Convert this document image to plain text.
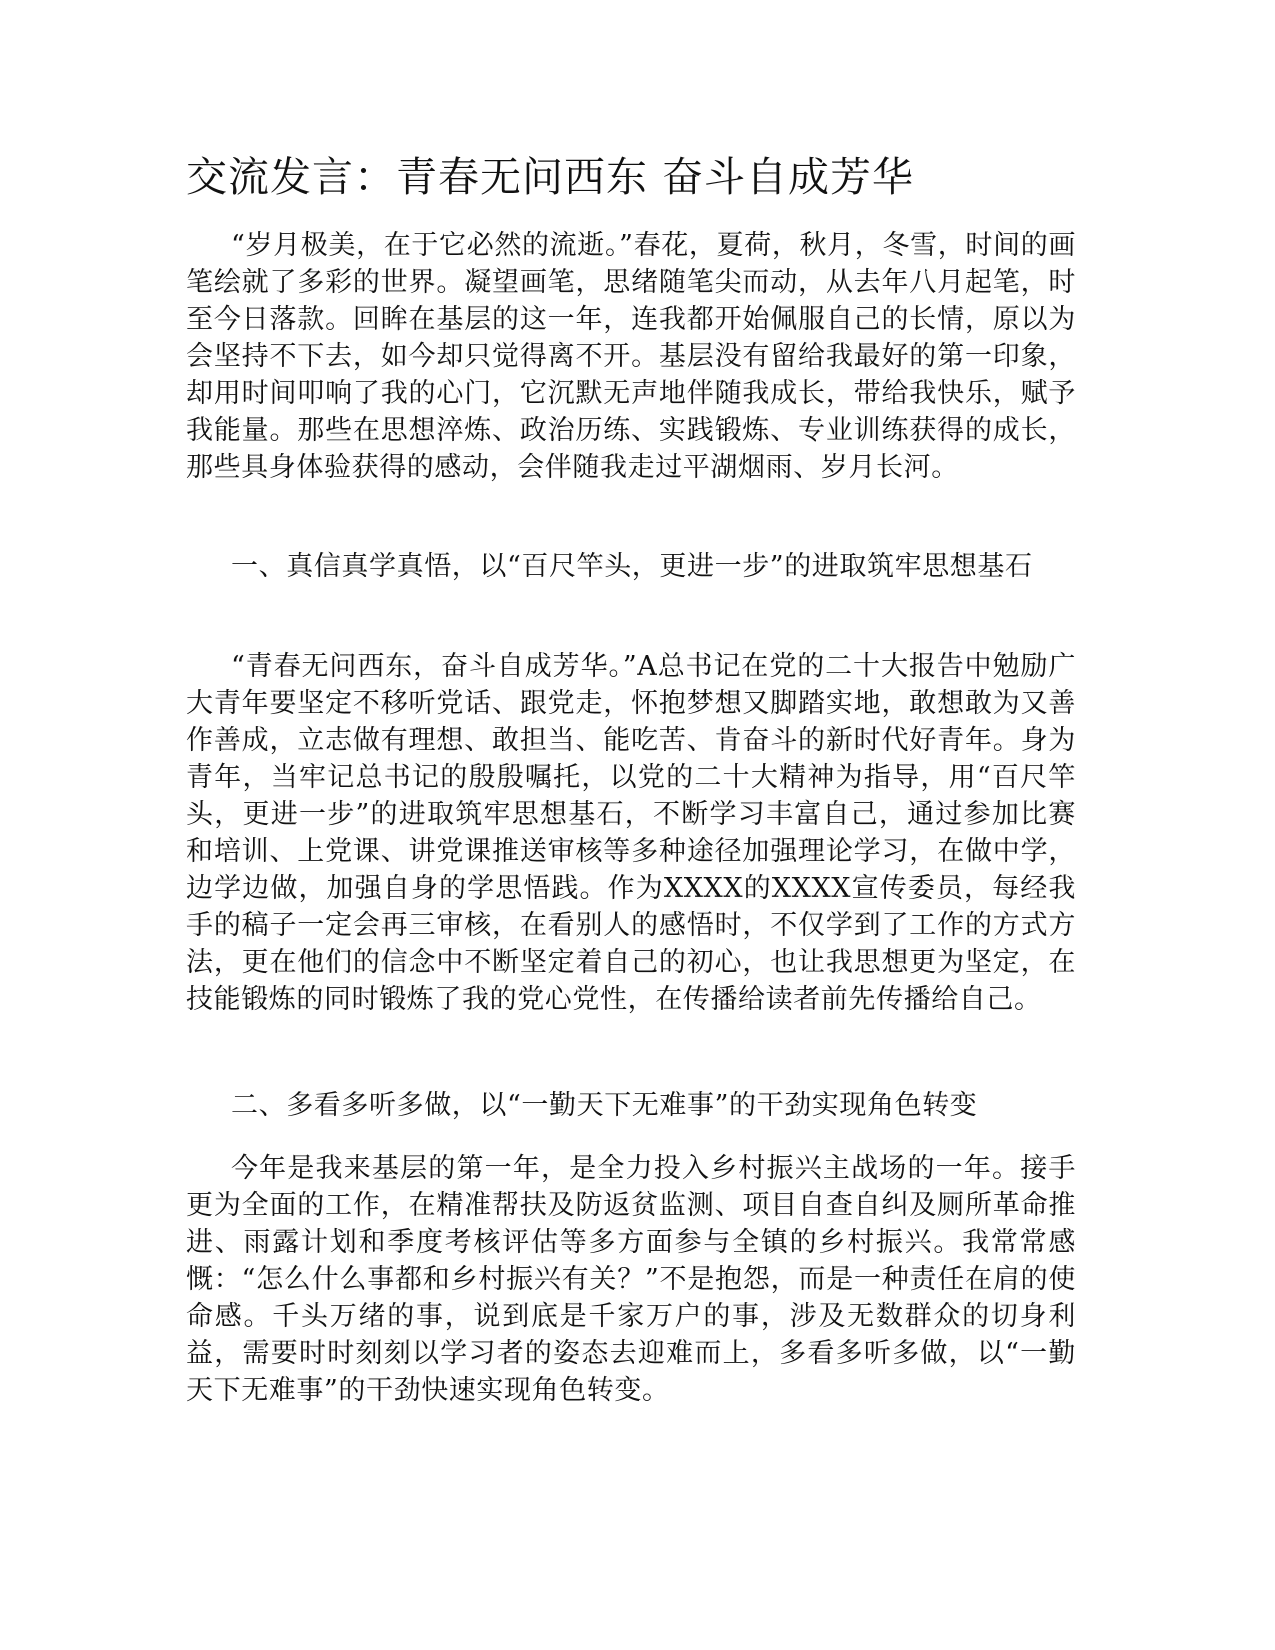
交流发言：青春无问西东 奋斗自成芳华

“岁月极美，在于它必然的流逝。”春花，夏荷，秋月，冬雪，时间的画笔绘就了多彩的世界。凝望画笔，思绪随笔尖而动，从去年八月起笔，时至今日落款。回眸在基层的这一年，连我都开始佩服自己的长情，原以为会坚持不下去，如今却只觉得离不开。基层没有留给我最好的第一印象，却用时间叩响了我的心门，它沉默无声地伴随我成长，带给我快乐，赋予我能量。那些在思想淬炼、政治历练、实践锻炼、专业训练获得的成长，那些具身体验获得的感动，会伴随我走过平湖烟雨、岁月长河。

一、真信真学真悟，以“百尺竿头，更进一步”的进取筑牢思想基石

“青春无问西东，奋斗自成芳华。”A总书记在党的二十大报告中勉励广大青年要坚定不移听党话、跟党走，怀抱梦想又脚踏实地，敢想敢为又善作善成，立志做有理想、敢担当、能吃苦、肯奋斗的新时代好青年。身为青年，当牢记总书记的殷殷嘱托，以党的二十大精神为指导，用“百尺竿头，更进一步”的进取筑牢思想基石，不断学习丰富自己，通过参加比赛和培训、上党课、讲党课推送审核等多种途径加强理论学习，在做中学，边学边做，加强自身的学思悟践。作为XXXX的XXXX宣传委员，每经我手的稿子一定会再三审核，在看别人的感悟时，不仅学到了工作的方式方法，更在他们的信念中不断坚定着自己的初心，也让我思想更为坚定，在技能锻炼的同时锻炼了我的党心党性，在传播给读者前先传播给自己。

二、多看多听多做，以“一勤天下无难事”的干劲实现角色转变

今年是我来基层的第一年，是全力投入乡村振兴主战场的一年。接手更为全面的工作，在精准帮扶及防返贫监测、项目自查自纠及厕所革命推进、雨露计划和季度考核评估等多方面参与全镇的乡村振兴。我常常感慨：“怎么什么事都和乡村振兴有关？”不是抱怨，而是一种责任在肩的使命感。千头万绪的事，说到底是千家万户的事，涉及无数群众的切身利益，需要时时刻刻以学习者的姿态去迎难而上，多看多听多做，以“一勤天下无难事”的干劲快速实现角色转变。
